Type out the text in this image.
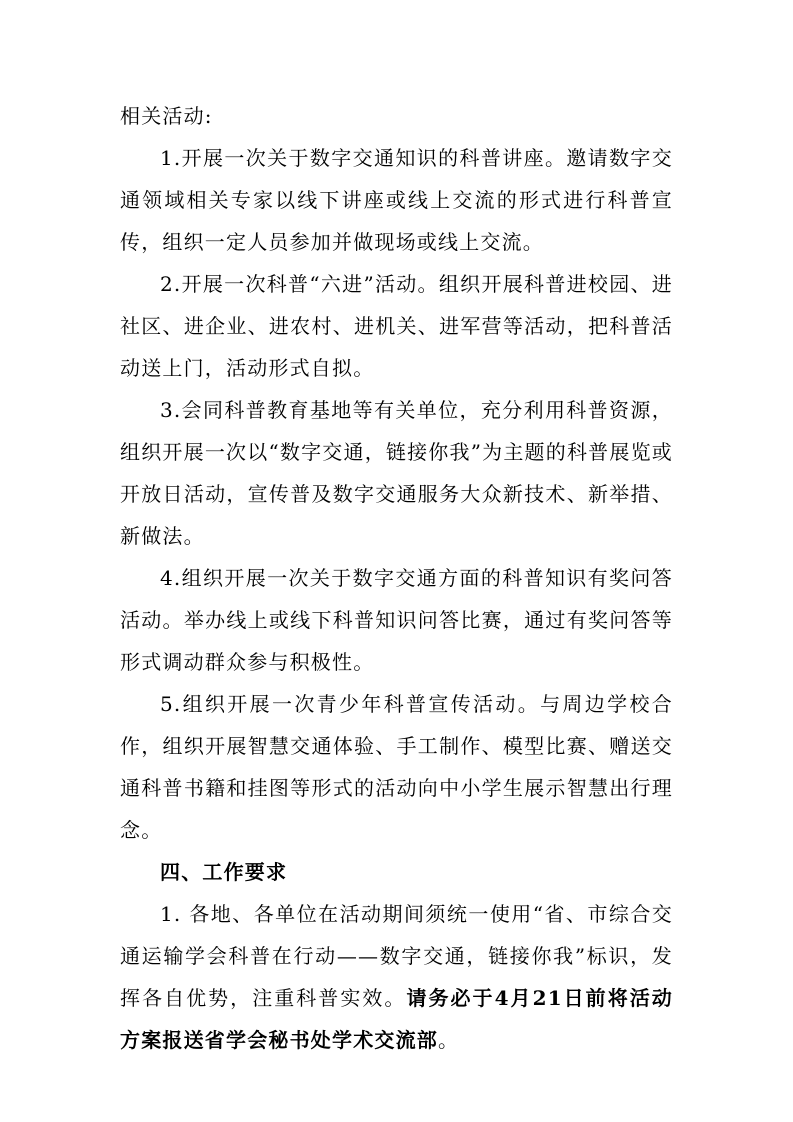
相关活动:

1.开展一次关于数字交通知识的科普讲座。邀请数字交通领域相关专家以线下讲座或线上交流的形式进行科普宣传，组织一定人员参加并做现场或线上交流。

2.开展一次科普“六进”活动。组织开展科普进校园、进社区、进企业、进农村、进机关、进军营等活动，把科普活动送上门，活动形式自拟。

3.会同科普教育基地等有关单位，充分利用科普资源，组织开展一次以“数字交通，链接你我”为主题的科普展览或开放日活动，宣传普及数字交通服务大众新技术、新举措、新做法。

4.组织开展一次关于数字交通方面的科普知识有奖问答活动。举办线上或线下科普知识问答比赛，通过有奖问答等形式调动群众参与积极性。

5.组织开展一次青少年科普宣传活动。与周边学校合作，组织开展智慧交通体验、手工制作、模型比赛、赠送交通科普书籍和挂图等形式的活动向中小学生展示智慧出行理念。

四、工作要求

1. 各地、各单位在活动期间须统一使用“省、市综合交通运输学会科普在行动——数字交通，链接你我”标识，发挥各自优势，注重科普实效。请务必于4月21日前将活动方案报送省学会秘书处学术交流部。
